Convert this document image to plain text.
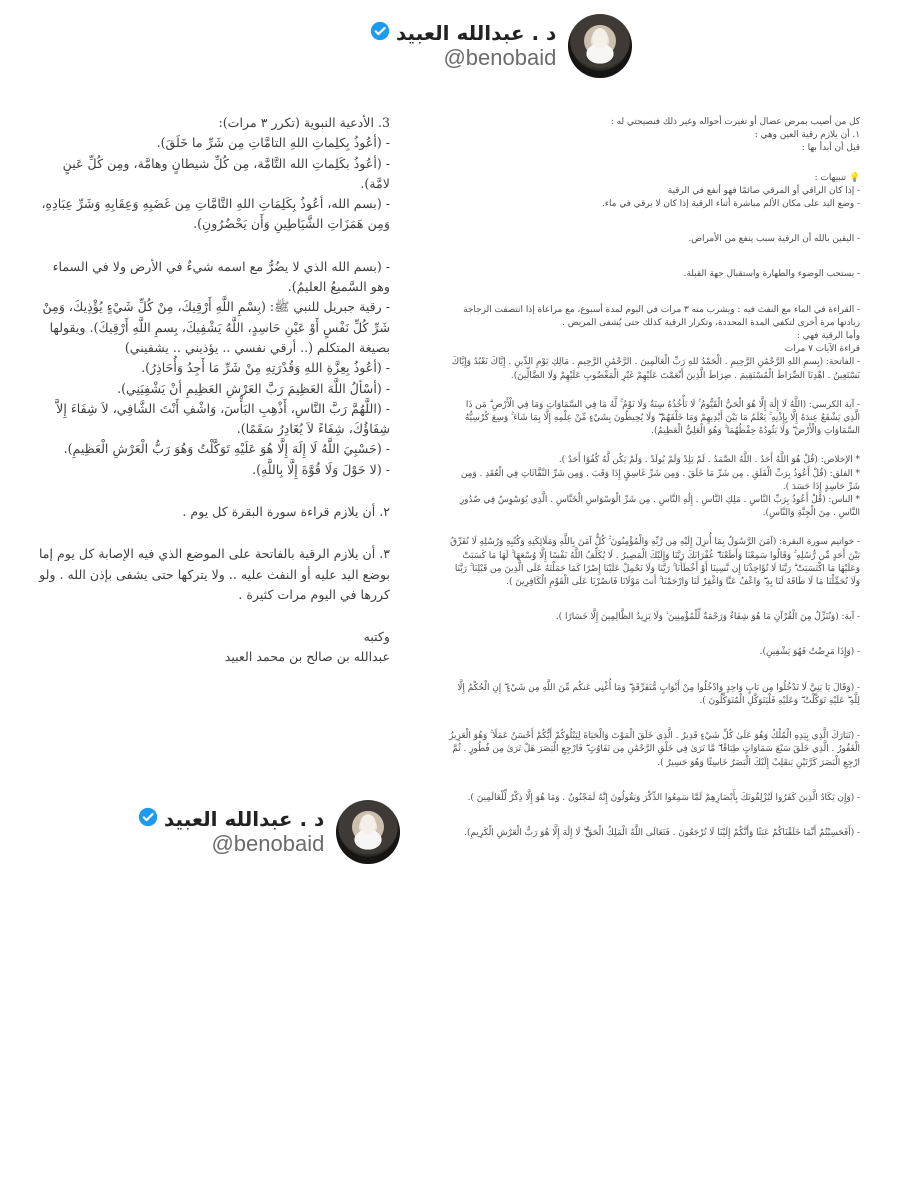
د . عبدالله العبيد
@benobaid

3. الأدعية النبوية (تكرر ٣ مرات):

- (أعُوذُ بِكلِماتِ اللهِ التامَّاتِ مِن شَرِّ ما خَلَقَ).

- (أعُوذُ بكَلِماتِ الله التَّامَّة، مِن كُلِّ شيطانٍ وهامَّة، ومِن كُلِّ عَينٍ لامَّة).

- (بسم الله، أعُوذُ بِكَلِمَاتِ اللهِ التَّامَّاتِ مِن غَضَبِهِ وَعِقَابِهِ وَشَرِّ عِبَادِهِ، وَمِن هَمَزَاتِ الشَّيَاطِينِ وَأَن يَحْضُرُونِ).

- (بسم الله الذي لا يضُرُّ مع اسمه شيءٌ في الأرض ولا في السماء وهو السَّميعُ العليمُ).

- رقية جبريل للنبي ﷺ: (بِسْمِ اللَّهِ أَرْقِيكَ، مِنْ كُلِّ شَيْءٍ يُؤْذِيكَ، وَمِنْ شَرِّ كُلِّ نَفْسٍ أَوْ عَيْنِ حَاسِدٍ، اللَّهُ يَشْفِيكَ، بِسمِ اللَّهِ أَرْقِيكَ). ويقولها بصيغة المتكلم (.. أرقي نفسي .. يؤذيني .. يشفيني)

- (أعُوذُ بِعِزَّةِ اللهِ وَقُدْرَتِهِ مِنْ شَرِّ مَا أَجِدُ وَأُحَاذِرُ).

- (أسْألُ اللَّهَ العَظِيمَ رَبَّ العَرْشِ العَظِيمِ أنْ يَشْفِيَنِي).

- (اللَّهُمَّ رَبَّ النَّاسِ، أَذْهِبِ البَأْسَ، وَاشْفِ أَنْتَ الشَّافِي، لاَ شِفَاءَ إِلاَّ شِفَاؤُكَ، شِفَاءً لاَ يُغَادِرُ سَقَمًا).

- (حَسْبِيَ اللَّهُ لَا إِلَهَ إِلَّا هُوَ عَلَيْهِ تَوَكَّلْتُ وَهُوَ رَبُّ الْعَرْشِ الْعَظِيمِ).

- (لا حَوْلَ وَلَا قُوَّةَ إِلَّا بِاللَّهِ).

٢. أن يلازم قراءة سورة البقرة كل يوم .

٣. أن يلازم الرقية بالفاتحة على الموضع الذي فيه الإصابة كل يوم إما بوضع اليد عليه أو النفث عليه .. ولا يتركها حتى يشفى بإذن الله . ولو كررها في اليوم مرات كثيرة .

وكتبه

عبدالله بن صالح بن محمد العبيد

د . عبدالله العبيد
@benobaid

كل من أصيب بمرض عضال أو تغيرت أحواله وغير ذلك فنصيحتي له :

١. أن يلازم رقية العين وهي :

قيل أن أبدأ بها :

💡 تنبيهات :

- إذا كان الراقي أو المرقي صائمًا فهو أنفع في الرقية

- وضع اليد على مكان الألم مباشرة أثناء الرقية إذا كان لا يرقي في ماء.

- اليقين بالله أن الرقية سبب ينفع من الأمراض.

- يستحب الوضوء والطهارة واستقبال جهة القبلة.

- القراءة في الماء مع النفث فيه : ويشرب منه ٣ مرات في اليوم لمدة أسبوع، مع مراعاة إذا انتصفت الزجاجة زيادتها مرة أخرى لتكفي المدة المحددة، وتكرار الرقية كذلك حتى يُشفى المريض .

وأما الرقية فهي :

قراءة الآيات ٧ مرات

- الفاتحة: (بِسمِ اللهِ الرَّحْمَٰنِ الرَّحِيمِ . الْحَمْدُ للهِ رَبِّ الْعَالَمِينَ . الرَّحْمَٰنِ الرَّحِيمِ . مَالِكِ يَوْمِ الدِّينِ . إِيَّاكَ نَعْبُدُ وَإِيَّاكَ نَسْتَعِينُ . اهْدِنَا الصِّرَاطَ الْمُسْتَقِيمَ . صِرَاطَ الَّذِينَ أَنْعَمْتَ عَلَيْهِمْ غَيْرِ الْمَغْضُوبِ عَلَيْهِمْ وَلَا الضَّالِّينَ).

- آية الكرسي: (اللَّهُ لَا إِلَٰهَ إِلَّا هُوَ الْحَيُّ الْقَيُّومُ ۚ لَا تَأْخُذُهُ سِنَةٌ وَلَا نَوْمٌ ۚ لَّهُ مَا فِي السَّمَاوَاتِ وَمَا فِي الْأَرْضِ ۗ مَن ذَا الَّذِي يَشْفَعُ عِندَهُ إِلَّا بِإِذْنِهِ ۚ يَعْلَمُ مَا بَيْنَ أَيْدِيهِمْ وَمَا خَلْفَهُمْ ۖ وَلَا يُحِيطُونَ بِشَيْءٍ مِّنْ عِلْمِهِ إِلَّا بِمَا شَاءَ ۚ وَسِعَ كُرْسِيُّهُ السَّمَاوَاتِ وَالْأَرْضَ ۖ وَلَا يَئُودُهُ حِفْظُهُمَا ۚ وَهُوَ الْعَلِيُّ الْعَظِيمُ).

* الإخلاص: (قُلْ هُوَ اللَّهُ أَحَدٌ . اللَّهُ الصَّمَدُ . لَمْ يَلِدْ وَلَمْ يُولَدْ . وَلَمْ يَكُن لَّهُ كُفُوًا أَحَدٌ ).

* الفلق: (قُلْ أَعُوذُ بِرَبِّ الْفَلَقِ . مِن شَرِّ مَا خَلَقَ . وَمِن شَرِّ غَاسِقٍ إِذَا وَقَبَ . وَمِن شَرِّ النَّفَّاثَاتِ فِي الْعُقَدِ . وَمِن شَرِّ حَاسِدٍ إِذَا حَسَدَ ).

* الناس: (قُلْ أَعُوذُ بِرَبِّ النَّاسِ . مَلِكِ النَّاسِ . إِلَٰهِ النَّاسِ . مِن شَرِّ الْوَسْوَاسِ الْخَنَّاسِ . الَّذِي يُوَسْوِسُ فِي صُدُورِ النَّاسِ . مِنَ الْجِنَّةِ وَالنَّاسِ).

- خواتيم سورة البقرة: (آمَنَ الرَّسُولُ بِمَا أُنزِلَ إِلَيْهِ مِن رَّبِّهِ وَالْمُؤْمِنُونَ ۚ كُلٌّ آمَنَ بِاللَّهِ وَمَلَائِكَتِهِ وَكُتُبِهِ وَرُسُلِهِ لَا نُفَرِّقُ بَيْنَ أَحَدٍ مِّن رُّسُلِهِ ۚ وَقَالُوا سَمِعْنَا وَأَطَعْنَا ۖ غُفْرَانَكَ رَبَّنَا وَإِلَيْكَ الْمَصِيرُ . لَا يُكَلِّفُ اللَّهُ نَفْسًا إِلَّا وُسْعَهَا ۚ لَهَا مَا كَسَبَتْ وَعَلَيْهَا مَا اكْتَسَبَتْ ۗ رَبَّنَا لَا تُؤَاخِذْنَا إِن نَّسِينَا أَوْ أَخْطَأْنَا ۚ رَبَّنَا وَلَا تَحْمِلْ عَلَيْنَا إِصْرًا كَمَا حَمَلْتَهُ عَلَى الَّذِينَ مِن قَبْلِنَا ۚ رَبَّنَا وَلَا تُحَمِّلْنَا مَا لَا طَاقَةَ لَنَا بِهِ ۖ وَاعْفُ عَنَّا وَاغْفِرْ لَنَا وَارْحَمْنَا ۚ أَنتَ مَوْلَانَا فَانصُرْنَا عَلَى الْقَوْمِ الْكَافِرِينَ ).

- آية: (وَنُنَزِّلُ مِنَ الْقُرْآنِ مَا هُوَ شِفَاءٌ وَرَحْمَةٌ لِّلْمُؤْمِنِينَ ۙ وَلَا يَزِيدُ الظَّالِمِينَ إِلَّا خَسَارًا ).

- (وَإِذَا مَرِضْتُ فَهُوَ يَشْفِينِ).

- (وَقَالَ يَا بَنِيَّ لَا تَدْخُلُوا مِن بَابٍ وَاحِدٍ وَادْخُلُوا مِنْ أَبْوَابٍ مُّتَفَرِّقَةٍ ۖ وَمَا أُغْنِي عَنكُم مِّنَ اللَّهِ مِن شَيْءٍ ۖ إِنِ الْحُكْمُ إِلَّا لِلَّهِ ۖ عَلَيْهِ تَوَكَّلْتُ ۖ وَعَلَيْهِ فَلْيَتَوَكَّلِ الْمُتَوَكِّلُونَ ).

- (تَبَارَكَ الَّذِي بِيَدِهِ الْمُلْكُ وَهُوَ عَلَىٰ كُلِّ شَيْءٍ قَدِيرٌ . الَّذِي خَلَقَ الْمَوْتَ وَالْحَيَاةَ لِيَبْلُوَكُمْ أَيُّكُمْ أَحْسَنُ عَمَلًا ۚ وَهُوَ الْعَزِيزُ الْغَفُورُ . الَّذِي خَلَقَ سَبْعَ سَمَاوَاتٍ طِبَاقًا ۖ مَّا تَرَىٰ فِي خَلْقِ الرَّحْمَٰنِ مِن تَفَاوُتٍ ۖ فَارْجِعِ الْبَصَرَ هَلْ تَرَىٰ مِن فُطُورٍ . ثُمَّ ارْجِعِ الْبَصَرَ كَرَّتَيْنِ يَنقَلِبْ إِلَيْكَ الْبَصَرُ خَاسِئًا وَهُوَ حَسِيرٌ ).

- (وَإِن يَكَادُ الَّذِينَ كَفَرُوا لَيُزْلِقُونَكَ بِأَبْصَارِهِمْ لَمَّا سَمِعُوا الذِّكْرَ وَيَقُولُونَ إِنَّهُ لَمَجْنُونٌ . وَمَا هُوَ إِلَّا ذِكْرٌ لِّلْعَالَمِينَ ).

- (أَفَحَسِبْتُمْ أَنَّمَا خَلَقْنَاكُمْ عَبَثًا وَأَنَّكُمْ إِلَيْنَا لَا تُرْجَعُونَ . فَتَعَالَى اللَّهُ الْمَلِكُ الْحَقُّ ۖ لَا إِلَٰهَ إِلَّا هُوَ رَبُّ الْعَرْشِ الْكَرِيمِ).
